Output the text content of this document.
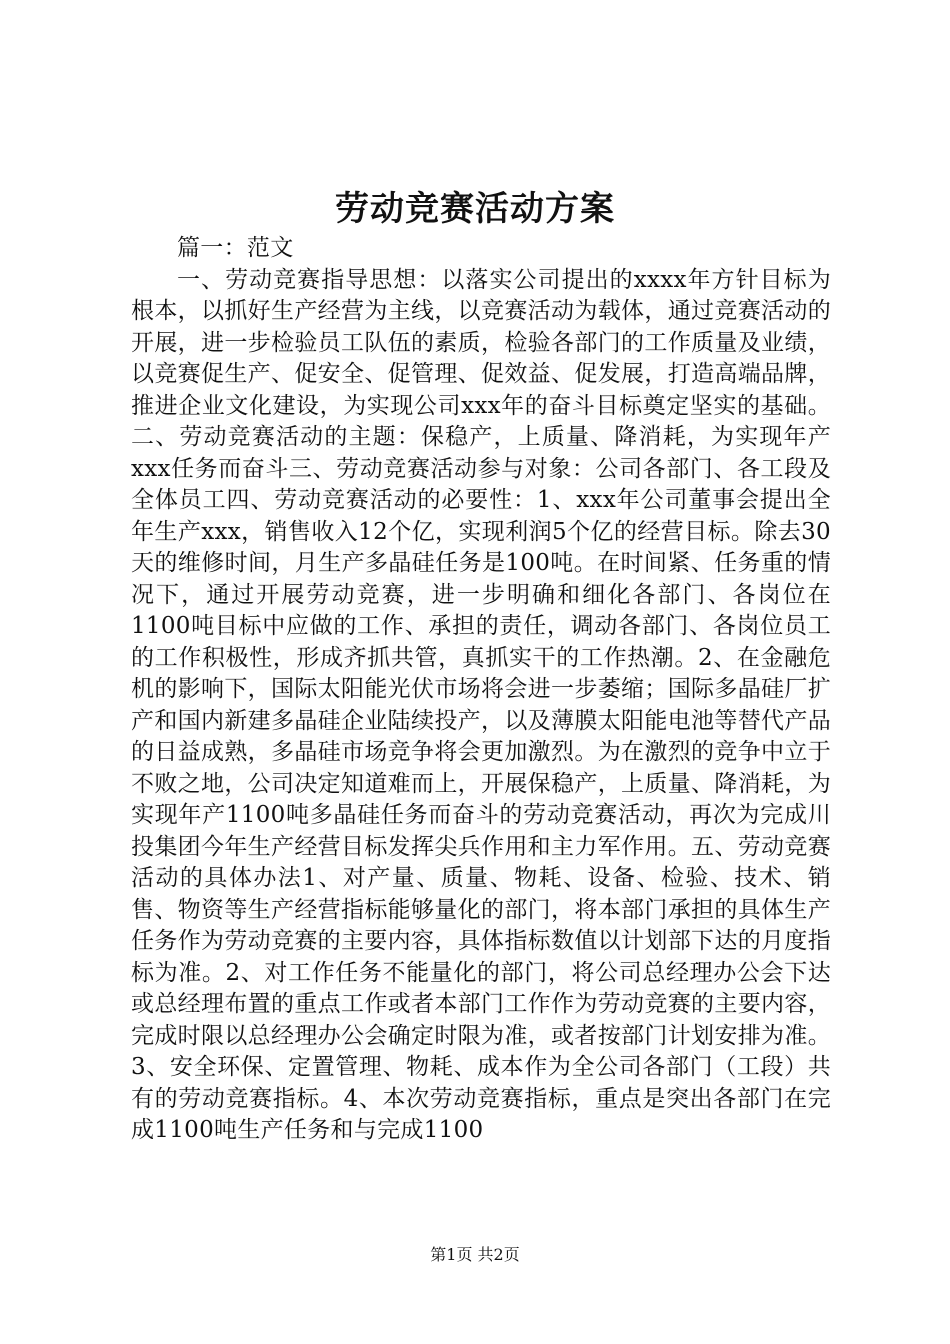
劳动竞赛活动方案

篇一：范文

一、劳动竞赛指导思想：以落实公司提出的xxxx年方针目标为根本，以抓好生产经营为主线，以竞赛活动为载体，通过竞赛活动的开展，进一步检验员工队伍的素质，检验各部门的工作质量及业绩，以竞赛促生产、促安全、促管理、促效益、促发展，打造高端品牌，推进企业文化建设，为实现公司xxx年的奋斗目标奠定坚实的基础。二、劳动竞赛活动的主题：保稳产，上质量、降消耗，为实现年产xxx任务而奋斗三、劳动竞赛活动参与对象：公司各部门、各工段及全体员工四、劳动竞赛活动的必要性：1、xxx年公司董事会提出全年生产xxx，销售收入12个亿，实现利润5个亿的经营目标。除去30天的维修时间，月生产多晶硅任务是100吨。在时间紧、任务重的情况下，通过开展劳动竞赛，进一步明确和细化各部门、各岗位在1100吨目标中应做的工作、承担的责任，调动各部门、各岗位员工的工作积极性，形成齐抓共管，真抓实干的工作热潮。2、在金融危机的影响下，国际太阳能光伏市场将会进一步萎缩；国际多晶硅厂扩产和国内新建多晶硅企业陆续投产，以及薄膜太阳能电池等替代产品的日益成熟，多晶硅市场竞争将会更加激烈。为在激烈的竞争中立于不败之地，公司决定知道难而上，开展保稳产，上质量、降消耗，为实现年产1100吨多晶硅任务而奋斗的劳动竞赛活动，再次为完成川投集团今年生产经营目标发挥尖兵作用和主力军作用。五、劳动竞赛活动的具体办法1、对产量、质量、物耗、设备、检验、技术、销售、物资等生产经营指标能够量化的部门，将本部门承担的具体生产任务作为劳动竞赛的主要内容，具体指标数值以计划部下达的月度指标为准。2、对工作任务不能量化的部门，将公司总经理办公会下达或总经理布置的重点工作或者本部门工作作为劳动竞赛的主要内容，完成时限以总经理办公会确定时限为准，或者按部门计划安排为准。3、安全环保、定置管理、物耗、成本作为全公司各部门（工段）共有的劳动竞赛指标。4、本次劳动竞赛指标，重点是突出各部门在完成1100吨生产任务和与完成1100

第1页 共2页
